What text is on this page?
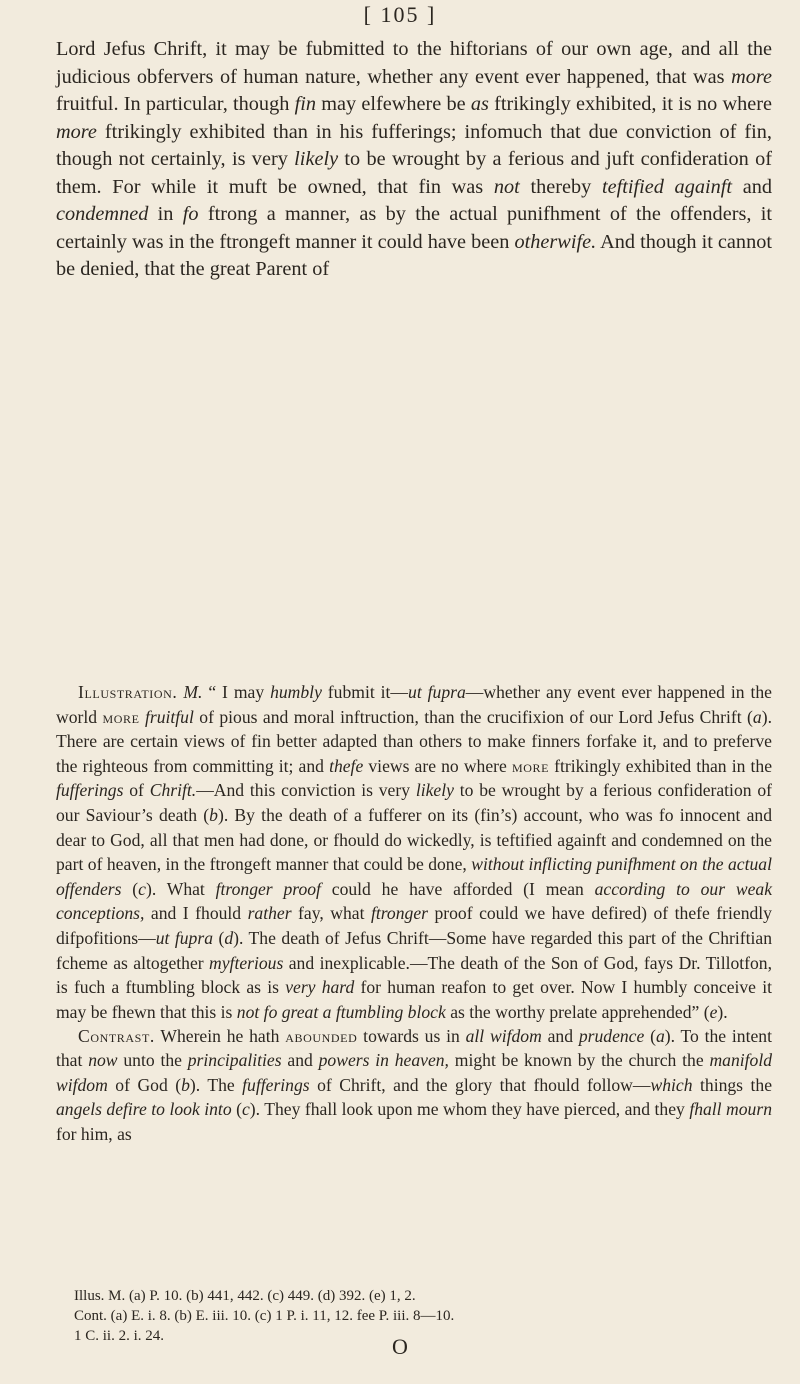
[ 105 ]

Lord Jefus Chrift, it may be fubmitted to the hiftorians of our own age, and all the judicious obfervers of human nature, whether any event ever happened, that was more fruitful. In particular, though fin may elfewhere be as ftrikingly exhibited, it is no where more ftrikingly exhibited than in his fufferings; infomuch that due conviction of fin, though not certainly, is very likely to be wrought by a ferious and juft confideration of them. For while it muft be owned, that fin was not thereby teftified againft and condemned in fo ftrong a manner, as by the actual punifhment of the offenders, it certainly was in the ftrongeft manner it could have been otherwife. And though it cannot be denied, that the great Parent of

Illustration. M. “ I may humbly fubmit it—ut fupra—whether any event ever happened in the world more fruitful of pious and moral inftruction, than the crucifixion of our Lord Jefus Chrift (a). There are certain views of fin better adapted than others to make finners forfake it, and to preferve the righteous from committing it; and thefe views are no where more ftrikingly exhibited than in the fufferings of Chrift.—And this conviction is very likely to be wrought by a ferious confideration of our Saviour’s death (b). By the death of a fufferer on its (fin’s) account, who was fo innocent and dear to God, all that men had done, or fhould do wickedly, is teftified againft and condemned on the part of heaven, in the ftrongeft manner that could be done, without inflicting punifhment on the actual offenders (c). What ftronger proof could he have afforded (I mean according to our weak conceptions, and I fhould rather fay, what ftronger proof could we have defired) of thefe friendly difpofitions—ut fupra (d). The death of Jefus Chrift—Some have regarded this part of the Chriftian fcheme as altogether myfterious and inexplicable.—The death of the Son of God, fays Dr. Tillotfon, is fuch a ftumbling block as is very hard for human reafon to get over. Now I humbly conceive it may be fhewn that this is not fo great a ftumbling block as the worthy prelate apprehended” (e).

Contrast. Wherein he hath abounded towards us in all wifdom and prudence (a). To the intent that now unto the principalities and powers in heaven, might be known by the church the manifold wifdom of God (b). The fufferings of Chrift, and the glory that fhould follow—which things the angels defire to look into (c). They fhall look upon me whom they have pierced, and they fhall mourn for him, as

Illus. M. (a) P. 10. (b) 441, 442. (c) 449. (d) 392. (e) 1, 2.
Cont. (a) E. i. 8. (b) E. iii. 10. (c) 1 P. i. 11, 12. fee P. iii. 8—10.
1 C. ii. 2. i. 24.	O
